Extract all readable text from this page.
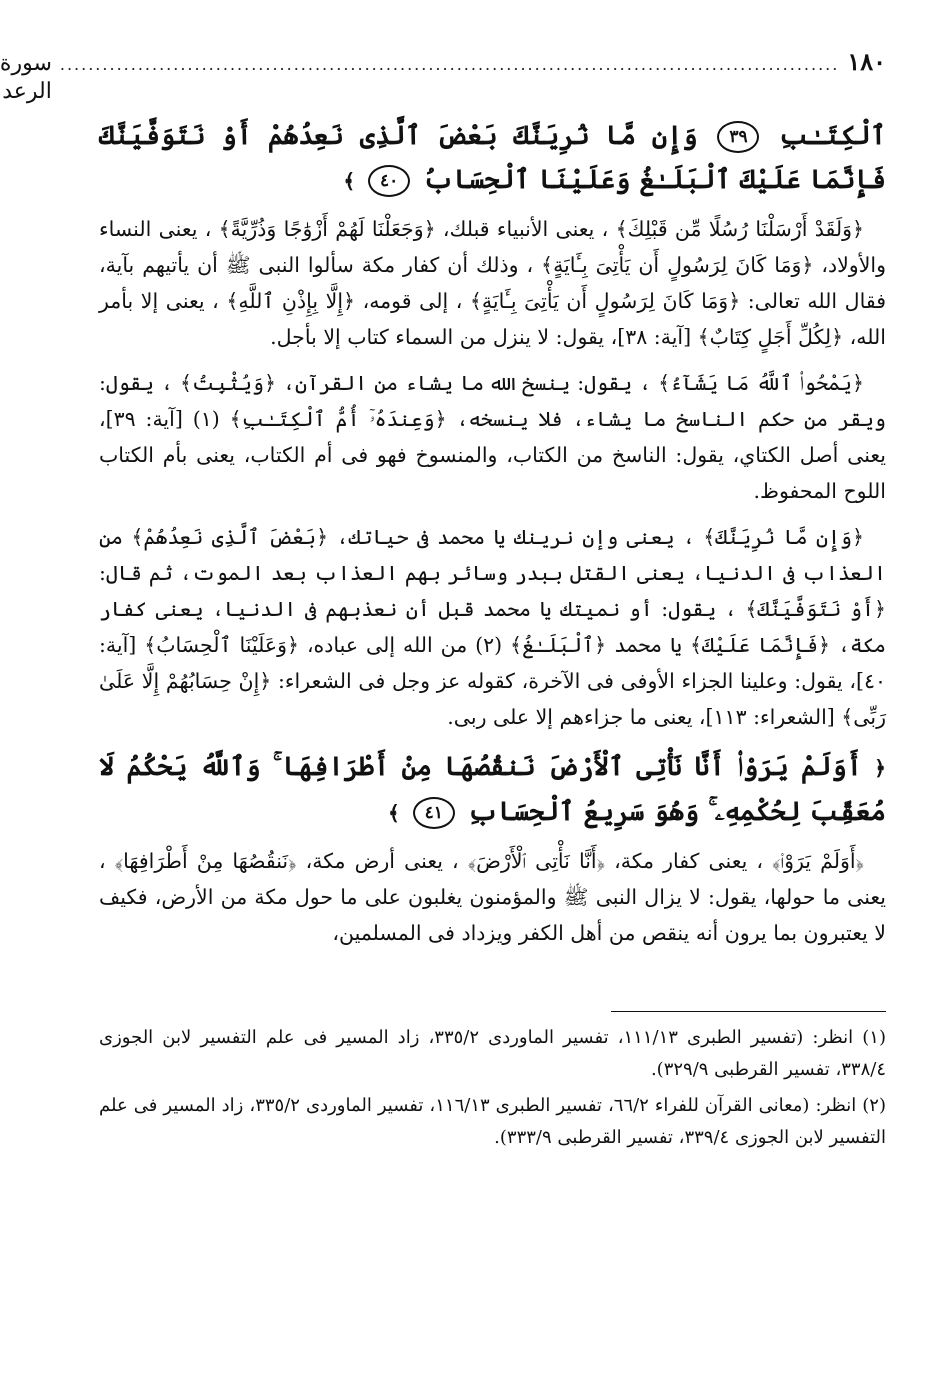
١٨٠
..............................................................................................................
سورة الرعد
ٱلْكِتَـٰبِ ٣٩ وَإِن مَّا نُرِيَنَّكَ بَعْضَ ٱلَّذِى نَعِدُهُمْ أَوْ نَتَوَفَّيَنَّكَ فَإِنَّمَا عَلَيْكَ ٱلْبَلَـٰغُ وَعَلَيْنَا ٱلْحِسَابُ ٤٠ ﴾

﴿وَلَقَدْ أَرْسَلْنَا رُسُلًا مِّن قَبْلِكَ﴾ ، يعنى الأنبياء قبلك، ﴿وَجَعَلْنَا لَهُمْ أَزْوَٰجًا وَذُرِّيَّةً﴾ ، يعنى النساء والأولاد، ﴿وَمَا كَانَ لِرَسُولٍ أَن يَأْتِىَ بِـَٔايَةٍ﴾ ، وذلك أن كفار مكة سألوا النبى ﷺ أن يأتيهم بآية، فقال الله تعالى: ﴿وَمَا كَانَ لِرَسُولٍ أَن يَأْتِىَ بِـَٔايَةٍ﴾ ، إلى قومه، ﴿إِلَّا بِإِذْنِ ٱللَّهِ﴾ ، يعنى إلا بأمر الله، ﴿لِكُلِّ أَجَلٍ كِتَابٌ﴾ [آية: ٣٨]، يقول: لا ينزل من السماء كتاب إلا بأجل.

﴿يَمْحُوا۟ ٱللَّهُ مَا يَشَآءُ﴾ ، يقول: ينسخ الله ما يشاء من القرآن، ﴿وَيُثْبِتُ﴾ ، يقول: ويقر من حكم الناسخ ما يشاء، فلا ينسخه، ﴿وَعِندَهُۥٓ أُمُّ ٱلْكِتَـٰبِ﴾ (١) [آية: ٣٩]، يعنى أصل الكتاي، يقول: الناسخ من الكتاب، والمنسوخ فهو فى أم الكتاب، يعنى بأم الكتاب اللوح المحفوظ.

﴿وَإِن مَّا نُرِيَنَّكَ﴾ ، يعنى وإن نرينك يا محمد فى حياتك، ﴿بَعْضَ ٱلَّذِى نَعِدُهُمْ﴾ من العذاب فى الدنيا، يعنى القتل ببدر وسائر بهم العذاب بعد الموت، ثم قال: ﴿أَوْ نَتَوَفَّيَنَّكَ﴾ ، يقول: أو نميتك يا محمد قبل أن نعذبهم فى الدنيا، يعنى كفار مكة، ﴿فَإِنَّمَا عَلَيْكَ﴾ يا محمد ﴿ٱلْبَلَـٰغُ﴾ (٢) من الله إلى عباده، ﴿وَعَلَيْنَا ٱلْحِسَابُ﴾ [آية: ٤٠]، يقول: وعلينا الجزاء الأوفى فى الآخرة، كقوله عز وجل فى الشعراء: ﴿إِنْ حِسَابُهُمْ إِلَّا عَلَىٰ رَبِّى﴾ [الشعراء: ١١٣]، يعنى ما جزاءهم إلا على ربى.

﴿ أَوَلَمْ يَرَوْا۟ أَنَّا نَأْتِى ٱلْأَرْضَ نَنقُصُهَا مِنْ أَطْرَافِهَا ۚ وَٱللَّهُ يَحْكُمُ لَا مُعَقِّبَ لِحُكْمِهِۦ ۚ وَهُوَ سَرِيعُ ٱلْحِسَابِ ٤١ ﴾

﴿أَوَلَمْ يَرَوْا۟﴾ ، يعنى كفار مكة، ﴿أَنَّا نَأْتِى ٱلْأَرْضَ﴾ ، يعنى أرض مكة، ﴿نَنقُصُهَا مِنْ أَطْرَافِهَا﴾ ، يعنى ما حولها، يقول: لا يزال النبى ﷺ والمؤمنون يغلبون على ما حول مكة من الأرض، فكيف لا يعتبرون بما يرون أنه ينقص من أهل الكفر ويزداد فى المسلمين،

(١) انظر: (تفسير الطبرى ١١١/١٣، تفسير الماوردى ٣٣٥/٢، زاد المسير فى علم التفسير لابن الجوزى ٣٣٨/٤، تفسير القرطبى ٣٢٩/٩).

(٢) انظر: (معانى القرآن للفراء ٦٦/٢، تفسير الطبرى ١١٦/١٣، تفسير الماوردى ٣٣٥/٢، زاد المسير فى علم التفسير لابن الجوزى ٣٣٩/٤، تفسير القرطبى ٣٣٣/٩).
